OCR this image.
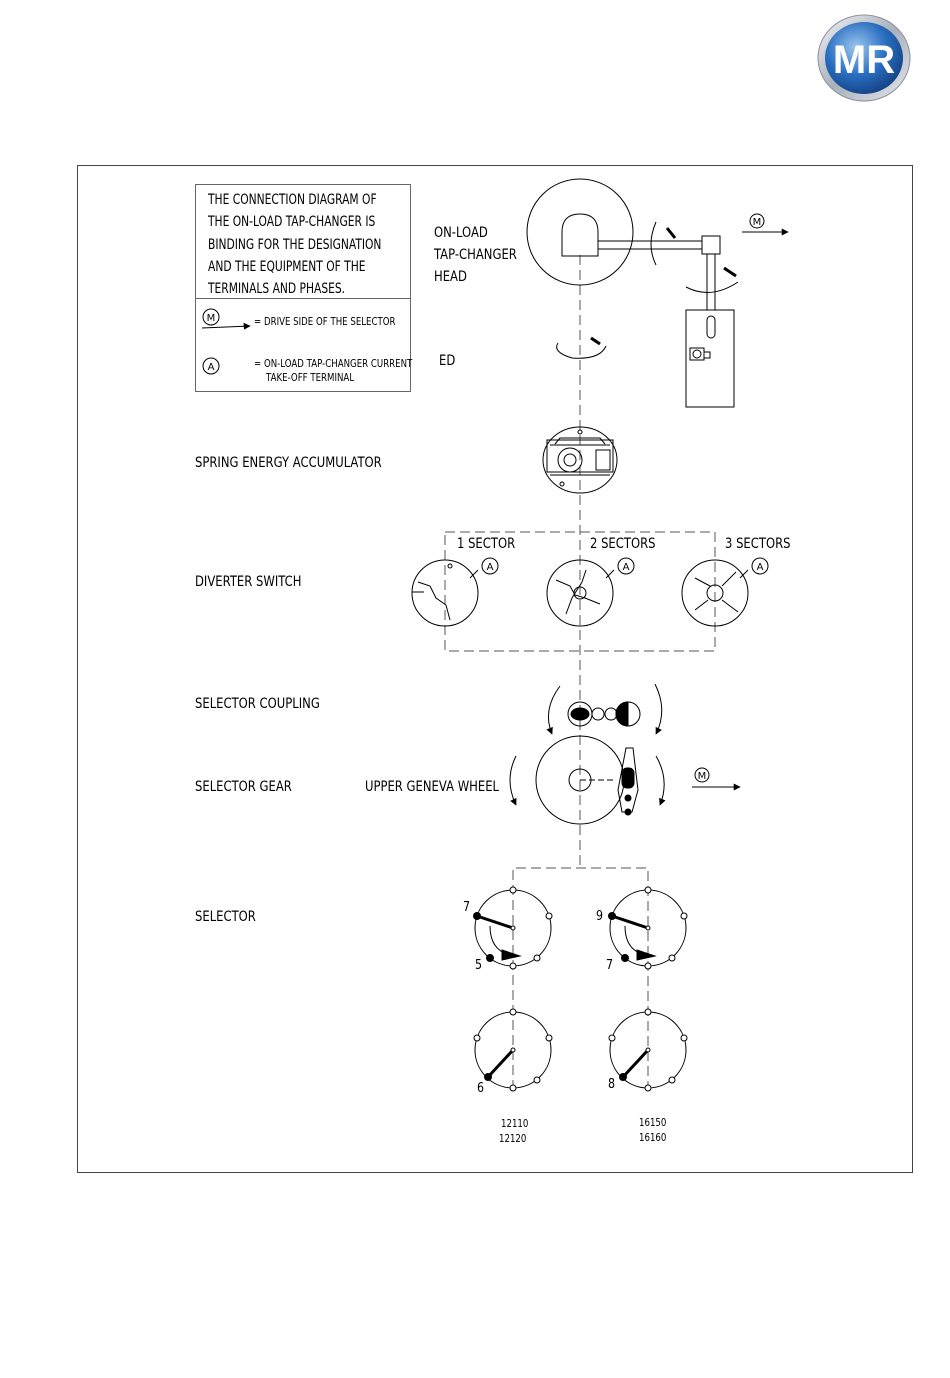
MR
THE CONNECTION DIAGRAM OF
THE ON-LOAD TAP-CHANGER IS
BINDING FOR THE DESIGNATION
AND THE EQUIPMENT OF THE
TERMINALS AND PHASES.
= DRIVE SIDE OF THE SELECTOR
= ON-LOAD TAP-CHANGER CURRENT
TAKE-OFF TERMINAL
M
A
M
A	A	A
M
ON-LOAD
TAP-CHANGER
HEAD
ED
SPRING ENERGY ACCUMULATOR
DIVERTER SWITCH
1 SECTOR	2 SECTORS	3 SECTORS
SELECTOR COUPLING
SELECTOR GEAR	UPPER GENEVA WHEEL
SELECTOR
7
5
9
7
6	8
12110
12120
16150
16160
